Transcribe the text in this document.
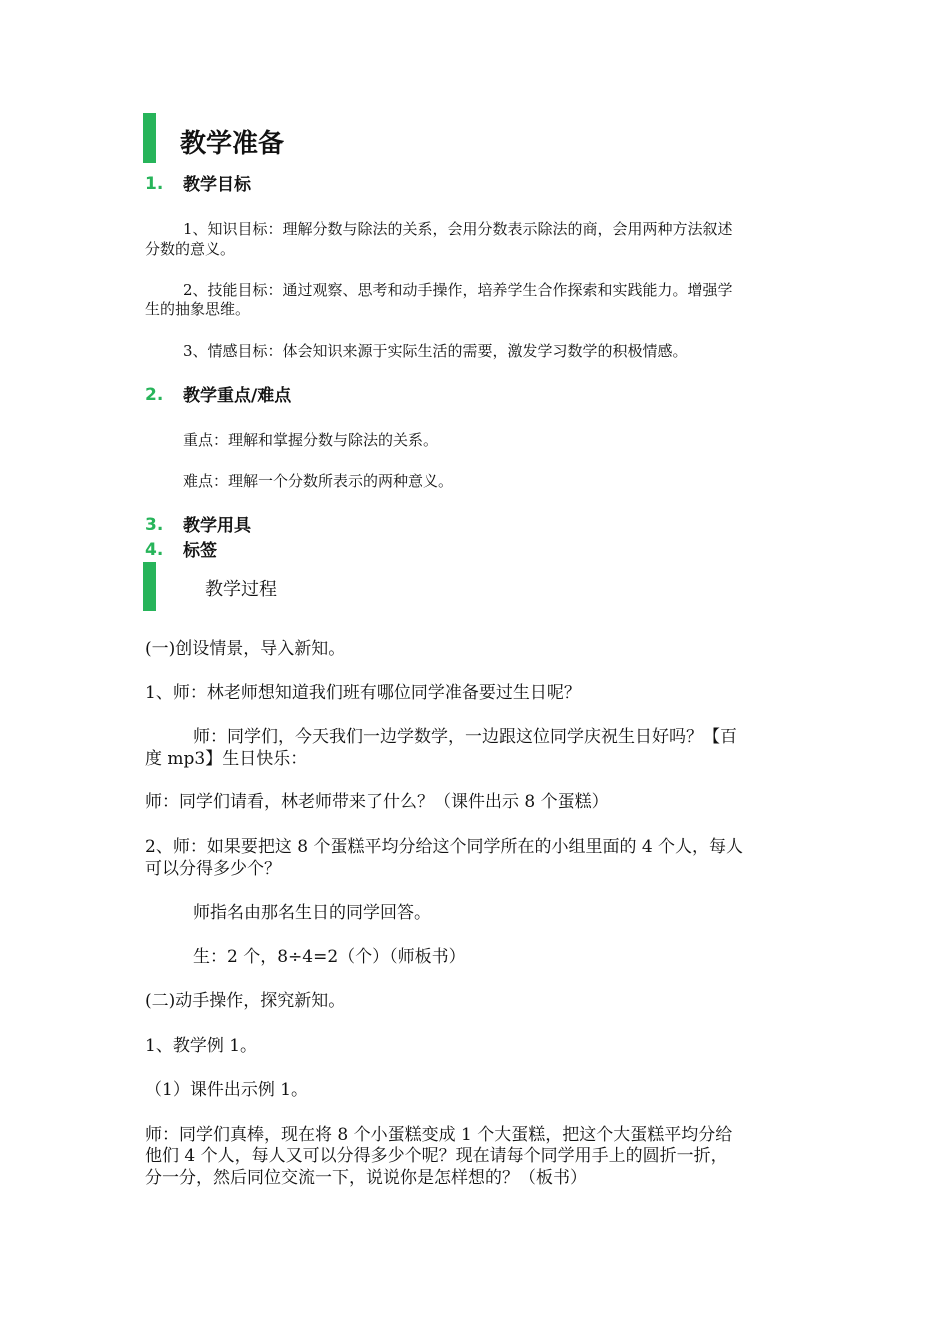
教学准备
1. 教学目标
1、知识目标：理解分数与除法的关系，会用分数表示除法的商，会用两种方法叙述
分数的意义。
2、技能目标：通过观察、思考和动手操作，培养学生合作探索和实践能力。增强学
生的抽象思维。
3、情感目标：体会知识来源于实际生活的需要，激发学习数学的积极情感。
2. 教学重点/难点
重点：理解和掌握分数与除法的关系。
难点：理解一个分数所表示的两种意义。
3. 教学用具
4. 标签
教学过程
(一)创设情景，导入新知。
1、师：林老师想知道我们班有哪位同学准备要过生日呢？
师：同学们，今天我们一边学数学，一边跟这位同学庆祝生日好吗？【百
度 mp3】生日快乐：
师：同学们请看，林老师带来了什么？（课件出示 8 个蛋糕）
2、师：如果要把这 8 个蛋糕平均分给这个同学所在的小组里面的 4 个人，每人
可以分得多少个？
师指名由那名生日的同学回答。
生：2 个，8÷4=2（个）（师板书）
(二)动手操作，探究新知。
1、教学例 1。
（1）课件出示例 1。
师：同学们真棒，现在将 8 个小蛋糕变成 1 个大蛋糕，把这个大蛋糕平均分给
他们 4 个人，每人又可以分得多少个呢？现在请每个同学用手上的圆折一折，
分一分，然后同位交流一下，说说你是怎样想的？（板书）
